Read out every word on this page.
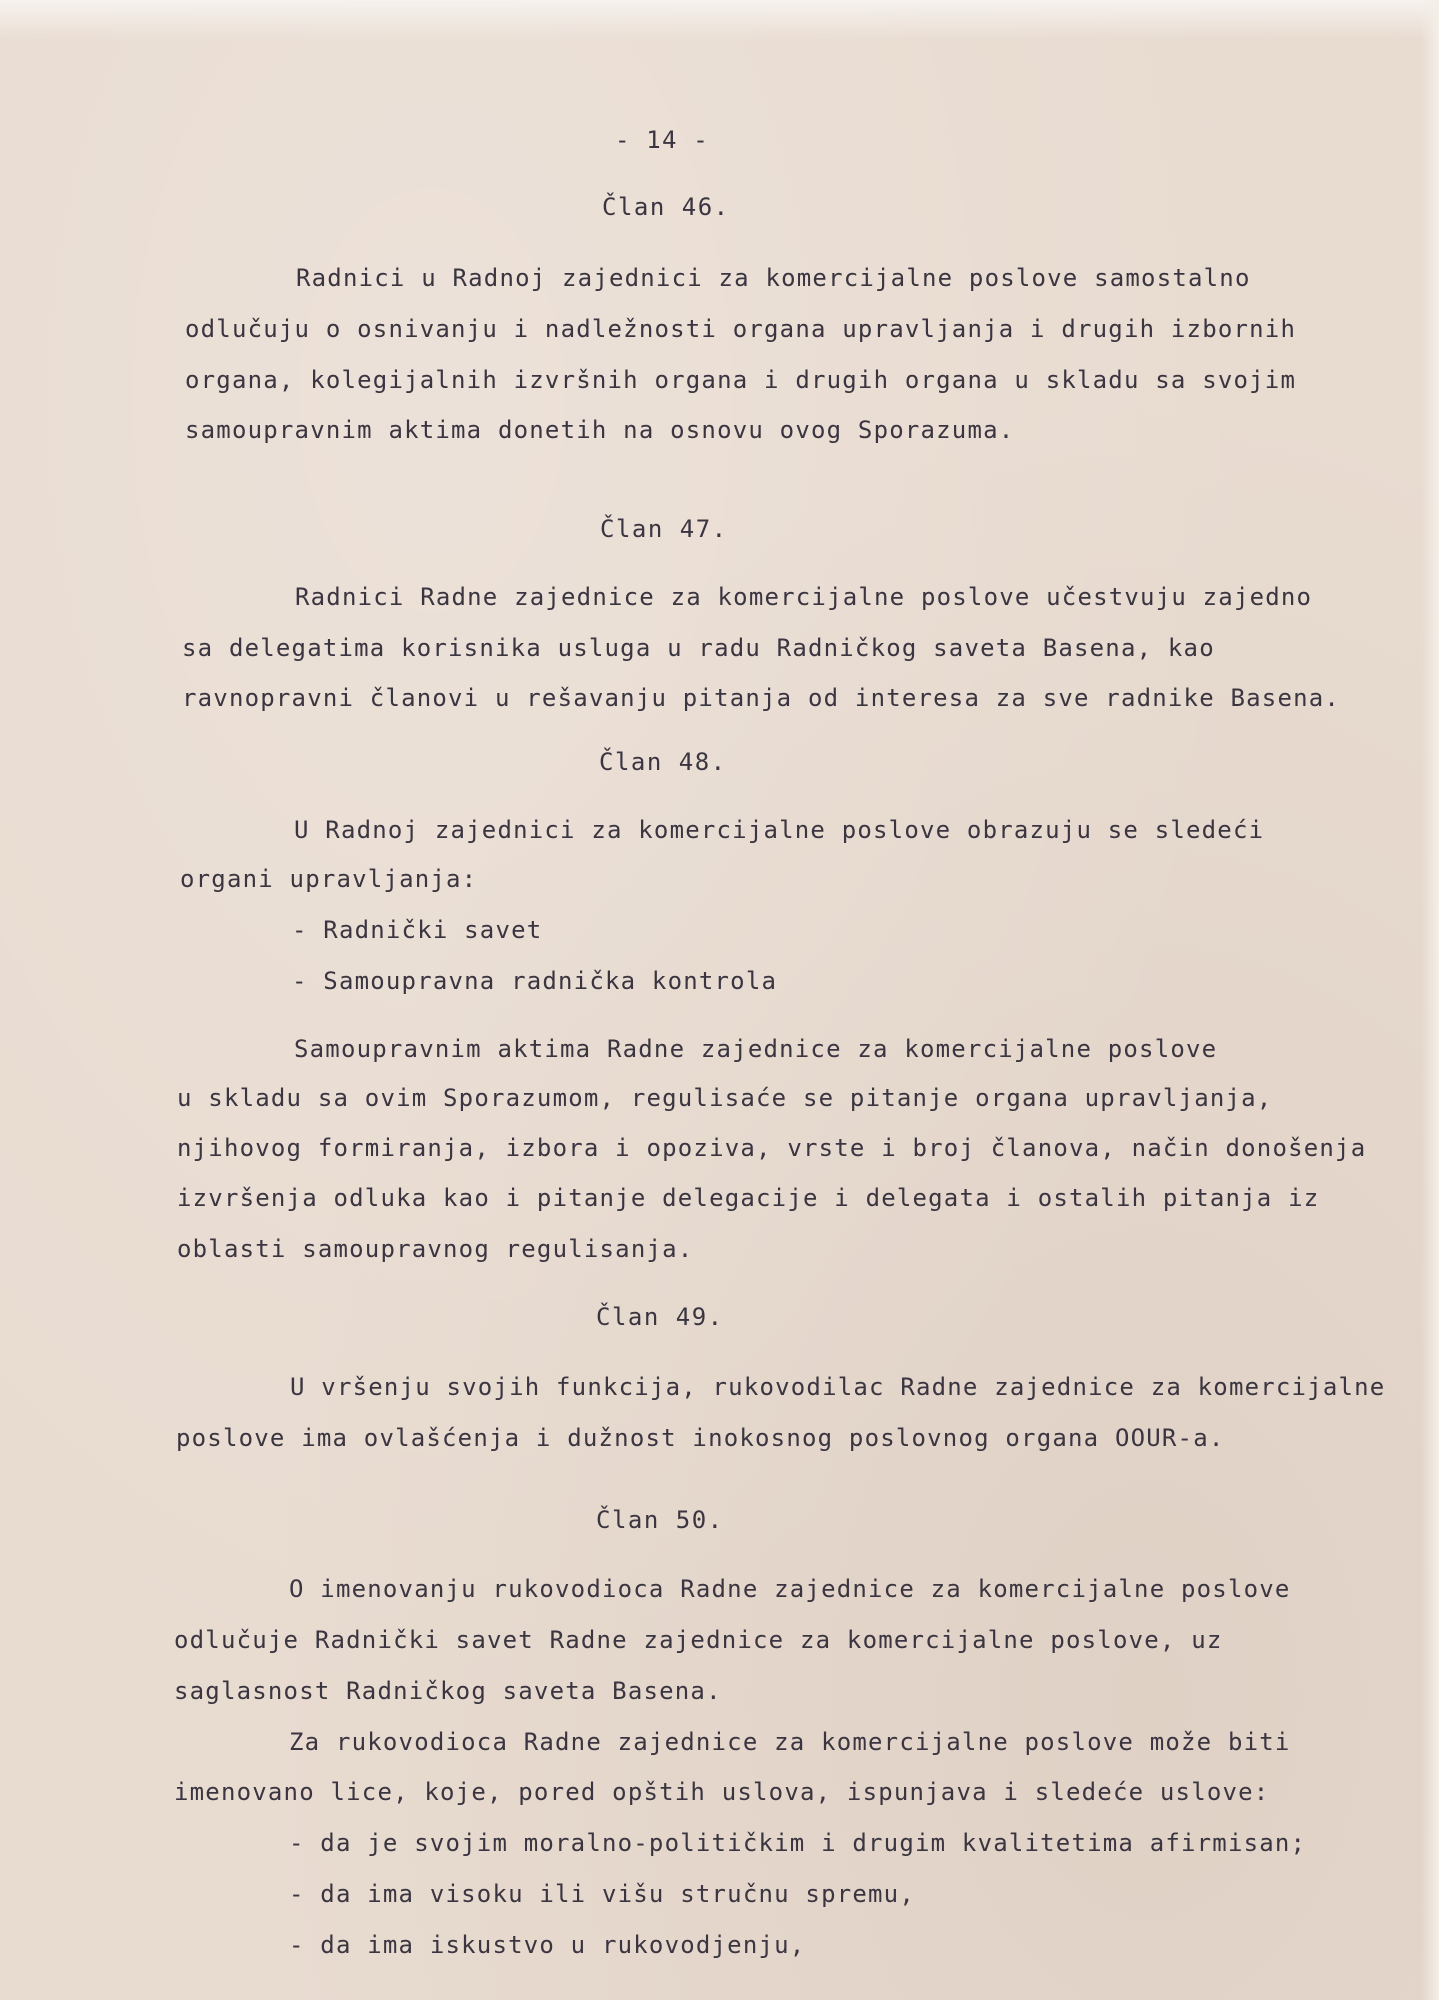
- 14 -
Član 46.
Radnici u Radnoj zajednici za komercijalne poslove samostalno
odlučuju o osnivanju i nadležnosti organa upravljanja i drugih izbornih
organa, kolegijalnih izvršnih organa i drugih organa u skladu sa svojim
samoupravnim aktima donetih na osnovu ovog Sporazuma.
Član 47.
Radnici Radne zajednice za komercijalne poslove učestvuju zajedno
sa delegatima korisnika usluga u radu Radničkog saveta Basena, kao
ravnopravni članovi u rešavanju pitanja od interesa za sve radnike Basena.
Član 48.
U Radnoj zajednici za komercijalne poslove obrazuju se sledeći
organi upravljanja:
- Radnički savet
- Samoupravna radnička kontrola
Samoupravnim aktima Radne zajednice za komercijalne poslove
u skladu sa ovim Sporazumom, regulisaće se pitanje organa upravljanja,
njihovog formiranja, izbora i opoziva, vrste i broj članova, način donošenja
izvršenja odluka kao i pitanje delegacije i delegata i ostalih pitanja iz
oblasti samoupravnog regulisanja.
Član 49.
U vršenju svojih funkcija, rukovodilac Radne zajednice za komercijalne
poslove ima ovlašćenja i dužnost inokosnog poslovnog organa OOUR-a.
Član 50.
O imenovanju rukovodioca Radne zajednice za komercijalne poslove
odlučuje Radnički savet Radne zajednice za komercijalne poslove, uz
saglasnost Radničkog saveta Basena.
Za rukovodioca Radne zajednice za komercijalne poslove može biti
imenovano lice, koje, pored opštih uslova, ispunjava i sledeće uslove:
- da je svojim moralno-političkim i drugim kvalitetima afirmisan;
- da ima visoku ili višu stručnu spremu,
- da ima iskustvo u rukovodjenju,
